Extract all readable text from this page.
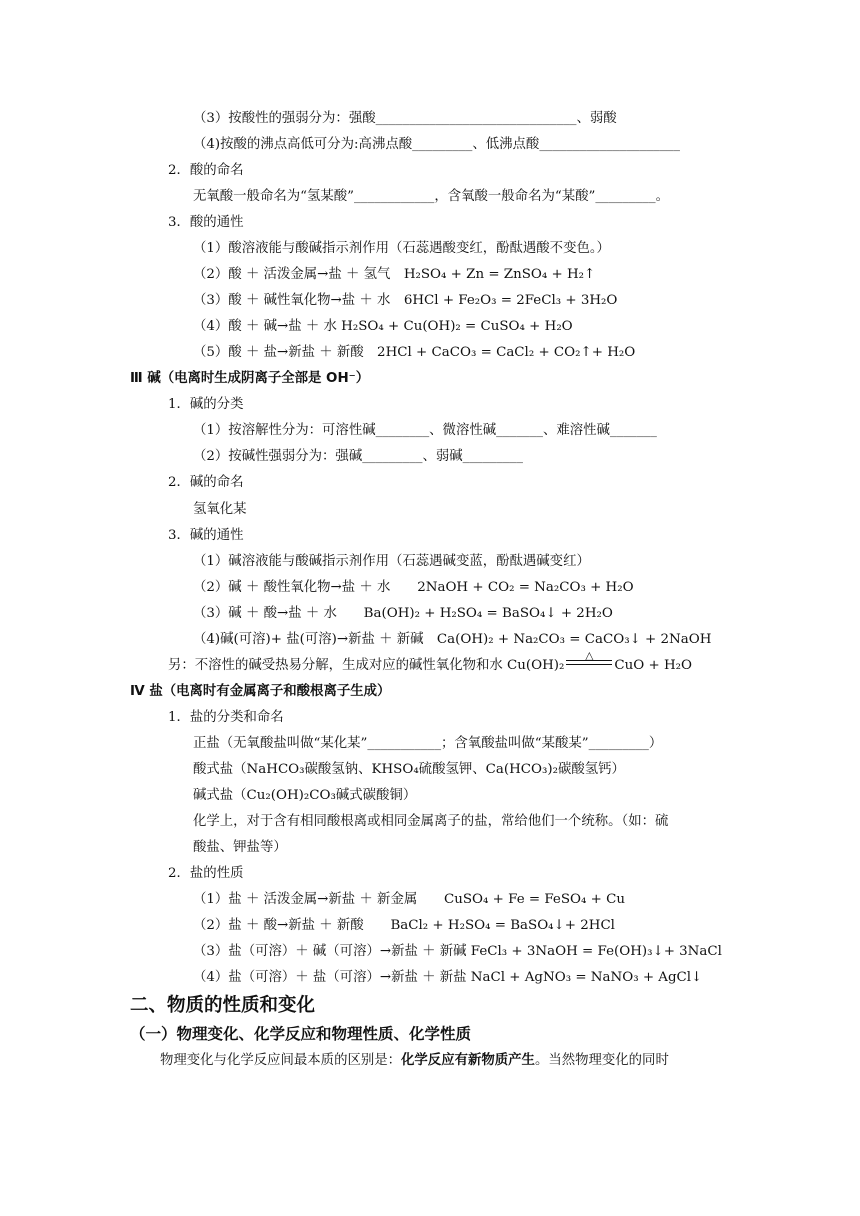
（3）按酸性的强弱分为：强酸______________________________、弱酸
（4)按酸的沸点高低可分为:高沸点酸_________、低沸点酸_____________________
2．酸的命名
无氧酸一般命名为“氢某酸”____________，含氧酸一般命名为“某酸”_________。
3．酸的通性
（1）酸溶液能与酸碱指示剂作用（石蕊遇酸变红，酚酞遇酸不变色。）
（2）酸 ＋ 活泼金属→盐 ＋ 氢气　H₂SO₄ + Zn = ZnSO₄ + H₂↑
（3）酸 ＋ 碱性氧化物→盐 ＋ 水　6HCl + Fe₂O₃ = 2FeCl₃ + 3H₂O
（4）酸 ＋ 碱→盐 ＋ 水 H₂SO₄ + Cu(OH)₂ = CuSO₄ + H₂O
（5）酸 ＋ 盐→新盐 ＋ 新酸　2HCl + CaCO₃ = CaCl₂ + CO₂↑+ H₂O
Ⅲ 碱（电离时生成阴离子全部是 OH⁻）
1．碱的分类
（1）按溶解性分为：可溶性碱________、微溶性碱_______、难溶性碱_______
（2）按碱性强弱分为：强碱_________、弱碱_________
2．碱的命名
氢氧化某
3．碱的通性
（1）碱溶液能与酸碱指示剂作用（石蕊遇碱变蓝，酚酞遇碱变红）
（2）碱 ＋ 酸性氧化物→盐 ＋ 水　　2NaOH + CO₂ = Na₂CO₃ + H₂O
（3）碱 ＋ 酸→盐 ＋ 水　　Ba(OH)₂ + H₂SO₄ = BaSO₄↓ + 2H₂O
（4)碱(可溶)+ 盐(可溶)→新盐 ＋ 新碱　Ca(OH)₂ + Na₂CO₃ = CaCO₃↓ + 2NaOH
另：不溶性的碱受热易分解，生成对应的碱性氧化物和水 Cu(OH)₂
△
CuO + H₂O
Ⅳ 盐（电离时有金属离子和酸根离子生成）
1．盐的分类和命名
正盐（无氧酸盐叫做“某化某”___________；含氧酸盐叫做“某酸某”_________）
酸式盐（NaHCO₃碳酸氢钠、KHSO₄硫酸氢钾、Ca(HCO₃)₂碳酸氢钙）
碱式盐（Cu₂(OH)₂CO₃碱式碳酸铜）
化学上，对于含有相同酸根离或相同金属离子的盐，常给他们一个统称。（如：硫
酸盐、钾盐等）
2．盐的性质
（1）盐 ＋ 活泼金属→新盐 ＋ 新金属　　CuSO₄ + Fe = FeSO₄ + Cu
（2）盐 ＋ 酸→新盐 ＋ 新酸　　BaCl₂ + H₂SO₄ = BaSO₄↓+ 2HCl
（3）盐（可溶）＋ 碱（可溶）→新盐 ＋ 新碱 FeCl₃ + 3NaOH = Fe(OH)₃↓+ 3NaCl
（4）盐（可溶）＋ 盐（可溶）→新盐 ＋ 新盐 NaCl + AgNO₃ = NaNO₃ + AgCl↓
二、物质的性质和变化
（一）物理变化、化学反应和物理性质、化学性质
物理变化与化学反应间最本质的区别是：化学反应有新物质产生。当然物理变化的同时
